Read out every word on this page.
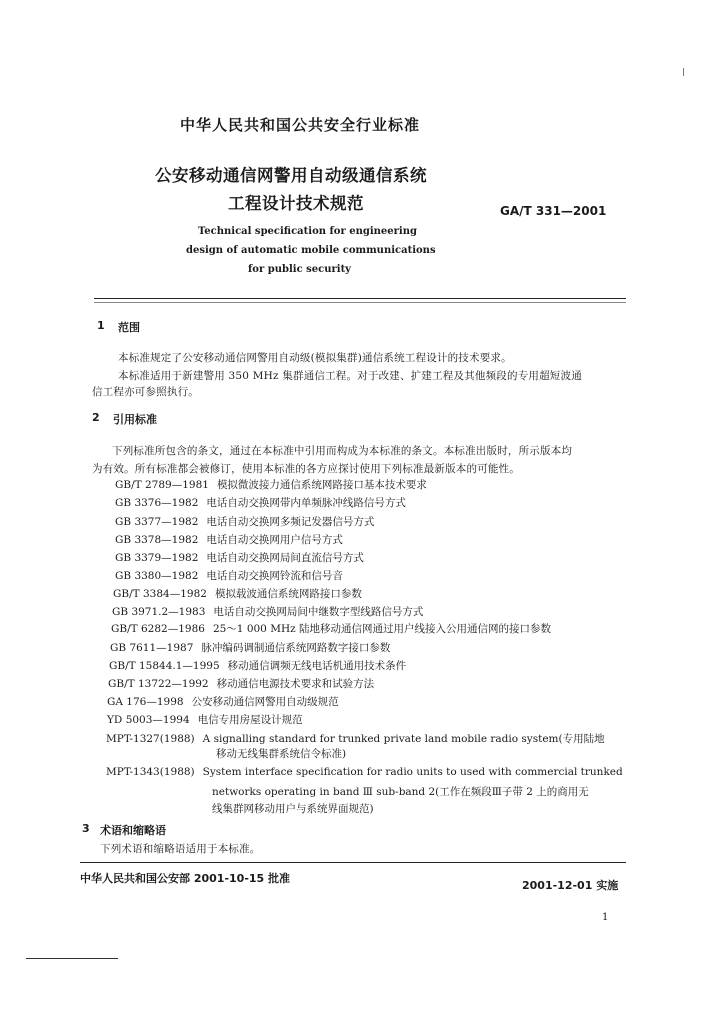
中华人民共和国公共安全行业标准
公安移动通信网警用自动级通信系统
工程设计技术规范	GA/T 331—2001
Technical specification for engineering
design of automatic mobile communications
for public security
1 范围
本标准规定了公安移动通信网警用自动级(模拟集群)通信系统工程设计的技术要求。
本标准适用于新建警用 350 MHz 集群通信工程。对于改建、扩建工程及其他频段的专用超短波通
信工程亦可参照执行。
2 引用标准
下列标准所包含的条文，通过在本标准中引用而构成为本标准的条文。本标准出版时，所示版本均
为有效。所有标准都会被修订，使用本标准的各方应探讨使用下列标准最新版本的可能性。
GB/T 2789—1981 模拟微波接力通信系统网路接口基本技术要求
GB 3376—1982 电话自动交换网带内单频脉冲线路信号方式
GB 3377—1982 电话自动交换网多频记发器信号方式
GB 3378—1982 电话自动交换网用户信号方式
GB 3379—1982 电话自动交换网局间直流信号方式
GB 3380—1982 电话自动交换网铃流和信号音
GB/T 3384—1982 模拟载波通信系统网路接口参数
GB 3971.2—1983 电话自动交换网局间中继数字型线路信号方式
GB/T 6282—1986 25～1 000 MHz 陆地移动通信网通过用户线接入公用通信网的接口参数
GB 7611—1987 脉冲编码调制通信系统网路数字接口参数
GB/T 15844.1—1995 移动通信调频无线电话机通用技术条件
GB/T 13722—1992 移动通信电源技术要求和试验方法
GA 176—1998 公安移动通信网警用自动级规范
YD 5003—1994 电信专用房屋设计规范
MPT-1327(1988) A signalling standard for trunked private land mobile radio system(专用陆地
移动无线集群系统信令标准)
MPT-1343(1988) System interface specification for radio units to used with commercial trunked
networks operating in band Ⅲ sub-band 2(工作在频段Ⅲ子带 2 上的商用无
线集群网移动用户与系统界面规范)
3 术语和缩略语
下列术语和缩略语适用于本标准。
中华人民共和国公安部 2001-10-15 批准
2001-12-01 实施
1
